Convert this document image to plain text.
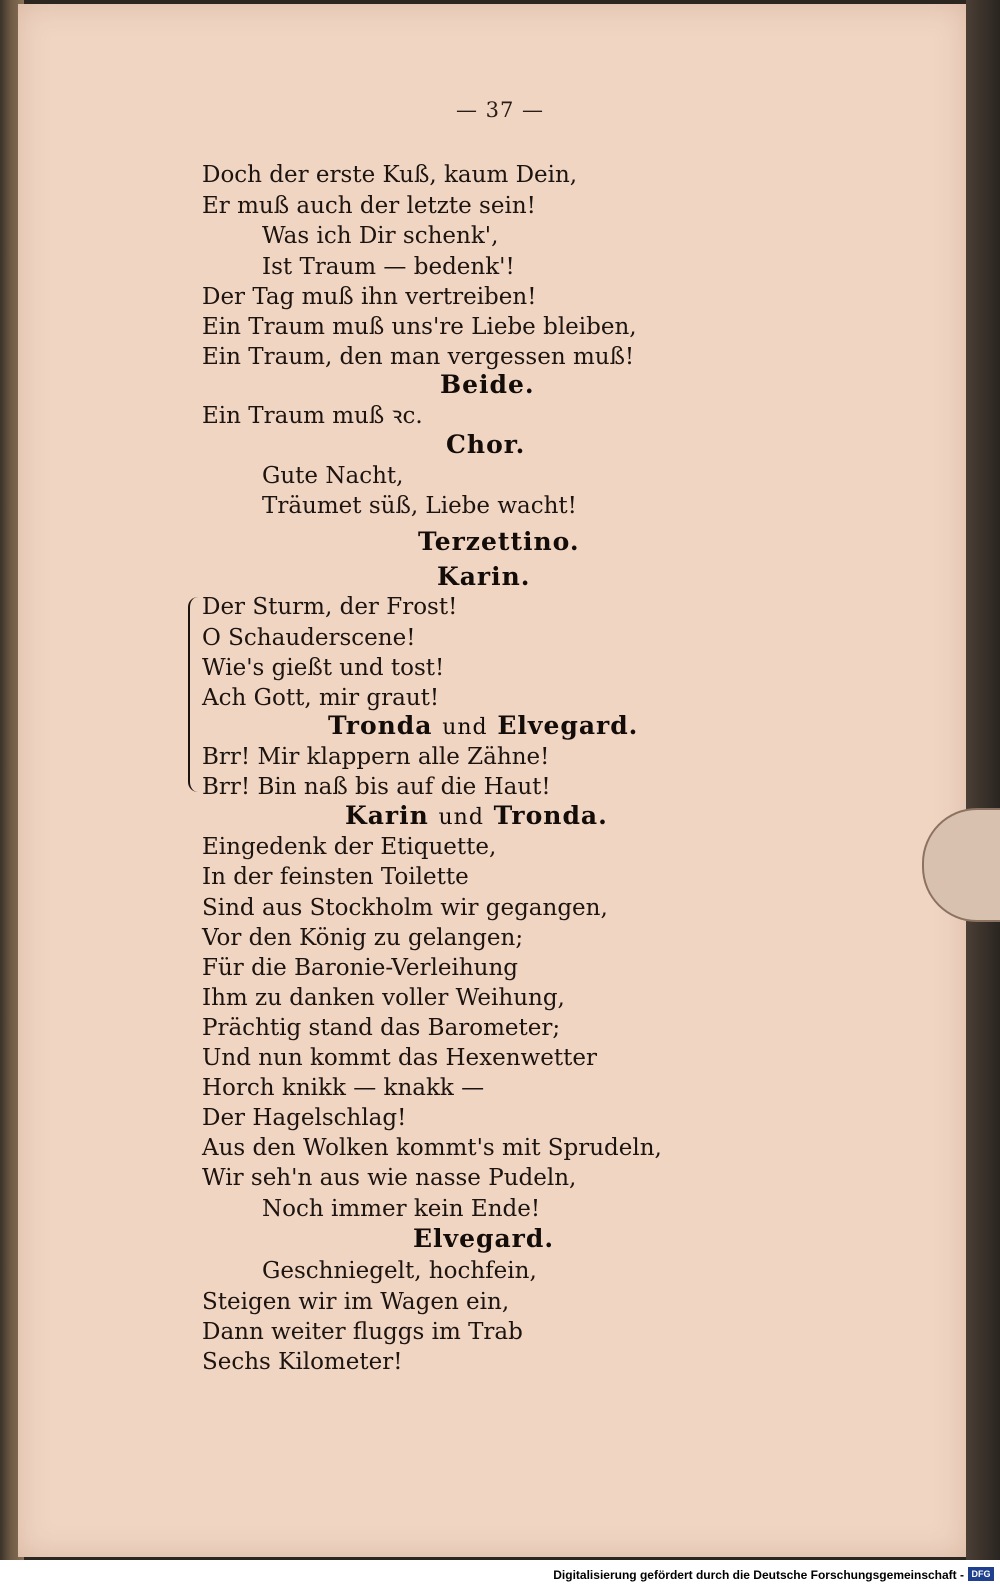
— 37 —
Doch der erste Kuß, kaum Dein,
Er muß auch der letzte sein!
Was ich Dir schenk',
Ist Traum — bedenk'!
Der Tag muß ihn vertreiben!
Ein Traum muß uns're Liebe bleiben,
Ein Traum, den man vergessen muß!
Beide.
Ein Traum muß ꝛc.
Chor.
Gute Nacht,
Träumet süß, Liebe wacht!
Terzettino.
Karin.
Der Sturm, der Frost!
O Schauderscene!
Wie's gießt und tost!
Ach Gott, mir graut!
Tronda und Elvegard.
Brr! Mir klappern alle Zähne!
Brr! Bin naß bis auf die Haut!
Karin und Tronda.
Eingedenk der Etiquette,
In der feinsten Toilette
Sind aus Stockholm wir gegangen,
Vor den König zu gelangen;
Für die Baronie-Verleihung
Ihm zu danken voller Weihung,
Prächtig stand das Barometer;
Und nun kommt das Hexenwetter
Horch knikk — knakk —
Der Hagelschlag!
Aus den Wolken kommt's mit Sprudeln,
Wir seh'n aus wie nasse Pudeln,
Noch immer kein Ende!
Elvegard.
Geschniegelt, hochfein,
Steigen wir im Wagen ein,
Dann weiter fluggs im Trab
Sechs Kilometer!
Digitalisierung gefördert durch die Deutsche Forschungsgemeinschaft - DFG
